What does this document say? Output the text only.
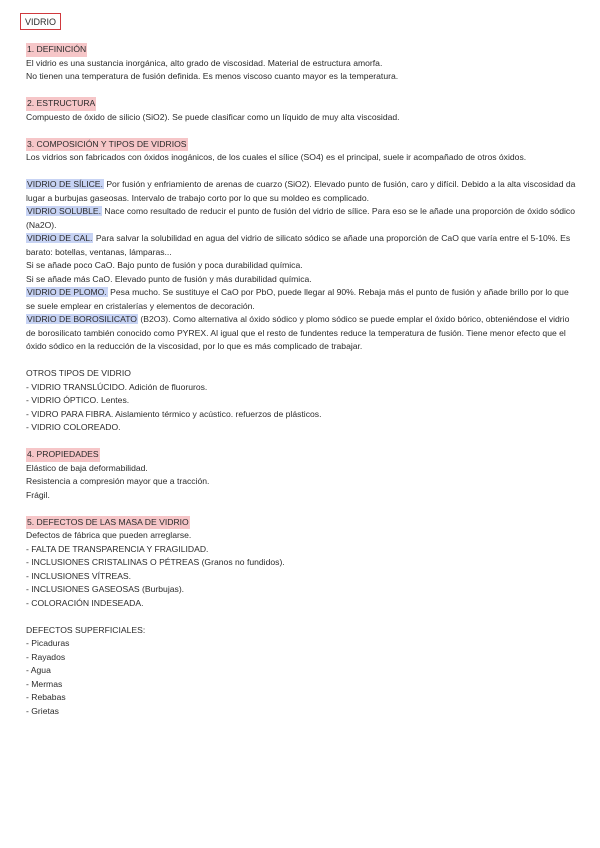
VIDRIO
1. DEFINICIÓN

El vidrio es una sustancia inorgánica, alto grado de viscosidad. Material de estructura amorfa.

No tienen una temperatura de fusión definida. Es menos viscoso cuanto mayor es la temperatura.

2. ESTRUCTURA

Compuesto de óxido de silicio (SiO2). Se puede clasificar como un líquido de muy alta viscosidad.

3. COMPOSICIÓN Y TIPOS DE VIDRIOS

Los vidrios son fabricados con óxidos inogánicos, de los cuales el sílice (SO4) es el principal, suele ir acompañado de otros óxidos.

VIDRIO DE SÍLICE. Por fusión y enfriamiento de arenas de cuarzo (SiO2). Elevado punto de fusión, caro y difícil. Debido a la alta viscosidad da lugar a burbujas gaseosas. Intervalo de trabajo corto por lo que su moldeo es complicado.

VIDRIO SOLUBLE. Nace como resultado de reducir el punto de fusión del vidrio de sílice. Para eso se le añade una proporción de óxido sódico (Na2O).

VIDRIO DE CAL. Para salvar la solubilidad en agua del vidrio de silicato sódico se añade una proporción de CaO que varía entre el 5-10%. Es barato: botellas, ventanas, lámparas...

Si se añade poco CaO. Bajo punto de fusión y poca durabilidad química.

Si se añade más CaO. Elevado punto de fusión y más durabilidad química.

VIDRIO DE PLOMO. Pesa mucho. Se sustituye el CaO por PbO, puede llegar al 90%. Rebaja más el punto de fusión y añade brillo por lo que se suele emplear en cristalerías y elementos de decoración.

VIDRIO DE BOROSILICATO (B2O3). Como alternativa al óxido sódico y plomo sódico se puede emplar el óxido bórico, obteniéndose el vidrio de borosilicato también conocido como PYREX. Al igual que el resto de fundentes reduce la temperatura de fusión. Tiene menor efecto que el óxido sódico en la reducción de la viscosidad, por lo que es más complicado de trabajar.

OTROS TIPOS DE VIDRIO

- VIDRIO TRANSLÚCIDO. Adición de fluoruros.

- VIDRIO ÓPTICO. Lentes.

- VIDRO PARA FIBRA. Aislamiento térmico y acústico. refuerzos de plásticos.

- VIDRIO COLOREADO.

4. PROPIEDADES

Elástico de baja deformabilidad.

Resistencia a compresión mayor que a tracción.

Frágil.

5. DEFECTOS DE LAS MASA DE VIDRIO

Defectos de fábrica que pueden arreglarse.

- FALTA DE TRANSPARENCIA Y FRAGILIDAD.

- INCLUSIONES CRISTALINAS O PÉTREAS (Granos no fundidos).

- INCLUSIONES VÍTREAS.

- INCLUSIONES GASEOSAS (Burbujas).

- COLORACIÓN INDESEADA.

DEFECTOS SUPERFICIALES:

- Picaduras

- Rayados

- Agua

- Mermas

- Rebabas

- Grietas
